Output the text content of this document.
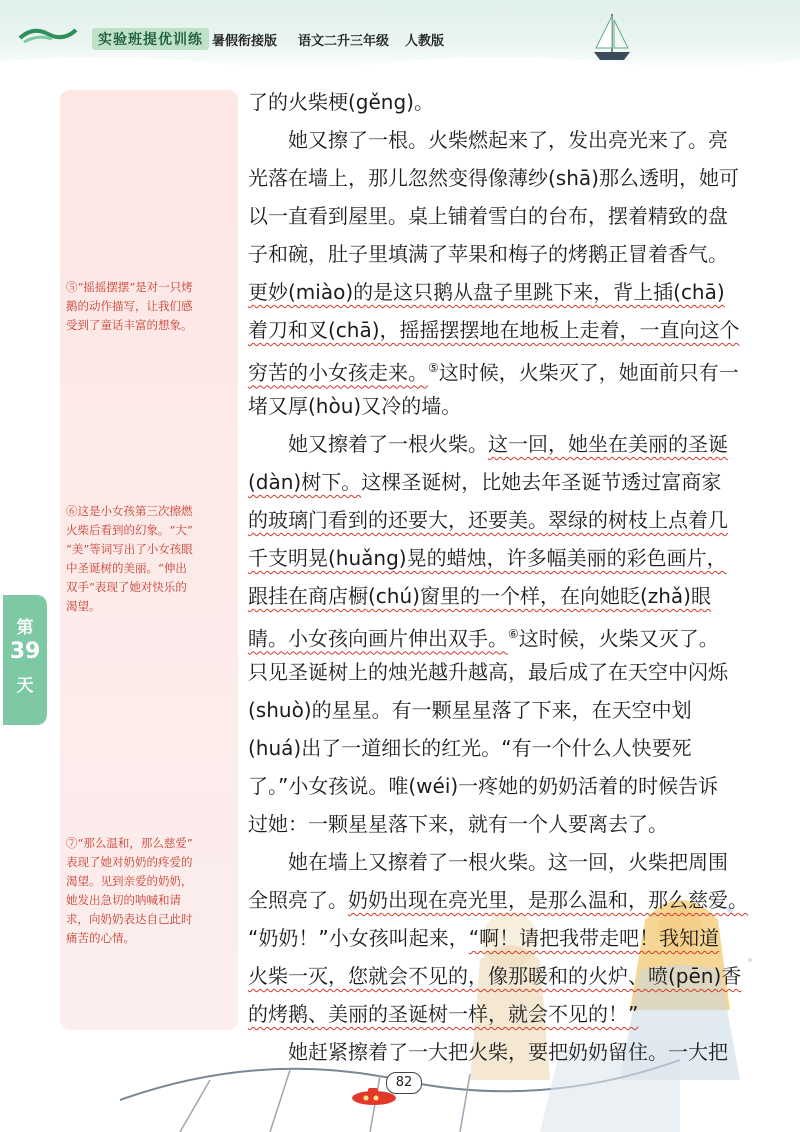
实验班提优训练 暑假衔接版 语文二升三年级 人教版
⑤“摇摇摆摆”是对一只烤
鹅的动作描写，让我们感
受到了童话丰富的想象。
⑥这是小女孩第三次擦燃
火柴后看到的幻象。“大”
“美”等词写出了小女孩眼
中圣诞树的美丽。“伸出
双手”表现了她对快乐的
渴望。
⑦“那么温和，那么慈爱”
表现了她对奶奶的疼爱的
渴望。见到亲爱的奶奶，
她发出急切的呐喊和请
求，向奶奶表达自己此时
痛苦的心情。
第
39
天
了的火柴梗(gěng)。
　　她又擦了一根。火柴燃起来了，发出亮光来了。亮
光落在墙上，那儿忽然变得像薄纱(shā)那么透明，她可
以一直看到屋里。桌上铺着雪白的台布，摆着精致的盘
子和碗，肚子里填满了苹果和梅子的烤鹅正冒着香气。
更妙(miào)的是这只鹅从盘子里跳下来，背上插(chā)
着刀和叉(chā)，摇摇摆摆地在地板上走着，一直向这个
穷苦的小女孩走来。⑤这时候，火柴灭了，她面前只有一
堵又厚(hòu)又冷的墙。
　　她又擦着了一根火柴。这一回，她坐在美丽的圣诞
(dàn)树下。这棵圣诞树，比她去年圣诞节透过富商家
的玻璃门看到的还要大，还要美。翠绿的树枝上点着几
千支明晃(huǎng)晃的蜡烛，许多幅美丽的彩色画片，
跟挂在商店橱(chú)窗里的一个样，在向她眨(zhǎ)眼
睛。小女孩向画片伸出双手。⑥这时候，火柴又灭了。
只见圣诞树上的烛光越升越高，最后成了在天空中闪烁
(shuò)的星星。有一颗星星落了下来，在天空中划
(huá)出了一道细长的红光。“有一个什么人快要死
了。”小女孩说。唯(wéi)一疼她的奶奶活着的时候告诉
过她：一颗星星落下来，就有一个人要离去了。
　　她在墙上又擦着了一根火柴。这一回，火柴把周围
全照亮了。奶奶出现在亮光里，是那么温和，那么慈爱。
“奶奶！”小女孩叫起来，“啊！请把我带走吧！我知道
火柴一灭，您就会不见的，像那暖和的火炉、喷(pēn)香
的烤鹅、美丽的圣诞树一样，就会不见的！”
　　她赶紧擦着了一大把火柴，要把奶奶留住。一大把
82
